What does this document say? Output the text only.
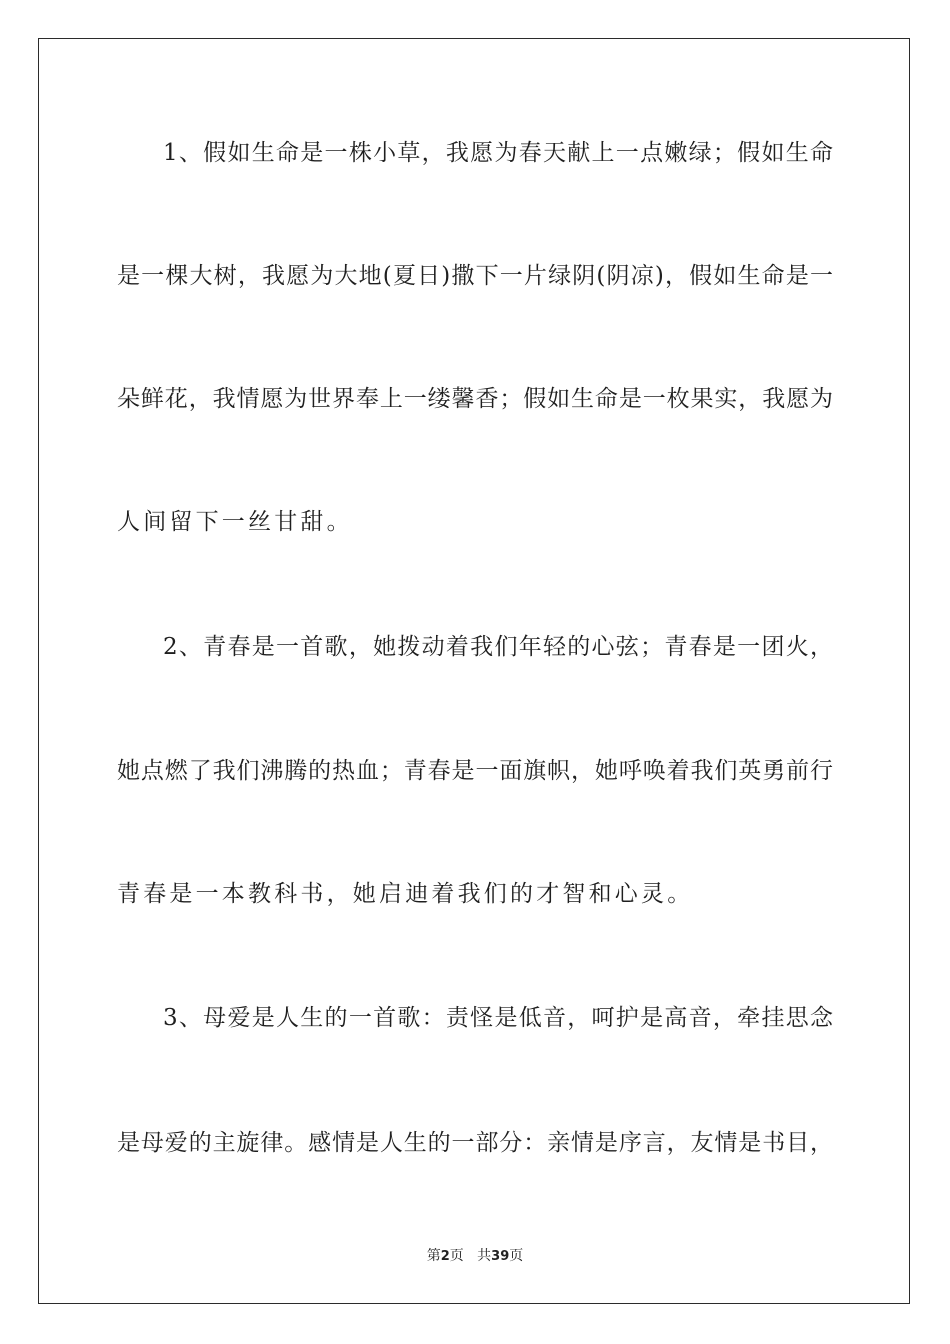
1、假如生命是一株小草，我愿为春天献上一点嫩绿；假如生命
是一棵大树，我愿为大地(夏日)撒下一片绿阴(阴凉)，假如生命是一
朵鲜花，我情愿为世界奉上一缕馨香；假如生命是一枚果实，我愿为
人间留下一丝甘甜。
2、青春是一首歌，她拨动着我们年轻的心弦；青春是一团火，
她点燃了我们沸腾的热血；青春是一面旗帜，她呼唤着我们英勇前行
青春是一本教科书，她启迪着我们的才智和心灵。
3、母爱是人生的一首歌：责怪是低音，呵护是高音，牵挂思念
是母爱的主旋律。感情是人生的一部分：亲情是序言，友情是书目，
第2页 共39页
